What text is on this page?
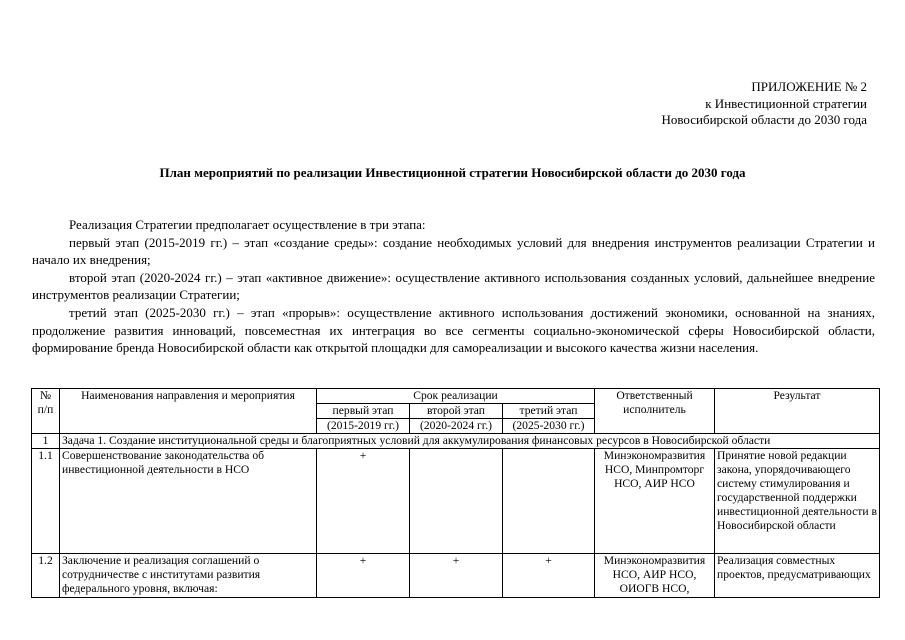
ПРИЛОЖЕНИЕ № 2
к Инвестиционной стратегии
Новосибирской области до 2030 года
План мероприятий по реализации Инвестиционной стратегии Новосибирской области до 2030 года

Реализация Стратегии предполагает осуществление в три этапа:

первый этап (2015-2019 гг.) – этап «создание среды»: создание необходимых условий для внедрения инструментов реализации Стратегии и начало их внедрения;

второй этап (2020-2024 гг.) – этап «активное движение»: осуществление активного использования созданных условий, дальнейшее внедрение инструментов реализации Стратегии;

третий этап (2025-2030 гг.) – этап «прорыв»: осуществление активного использования достижений экономики, основанной на знаниях, продолжение развития инноваций, повсеместная их интеграция во все сегменты социально-экономической сферы Новосибирской области, формирование бренда Новосибирской области как открытой площадки для самореализации и высокого качества жизни населения.

№ п/п	Наименования направления и мероприятия	Срок реализации			Ответственный исполнитель	Результат
		первый этап	второй этап	третий этап		
		(2015-2019 гг.)	(2020-2024 гг.)	(2025-2030 гг.)		
1	Задача 1. Создание институциональной среды и благоприятных условий для аккумулирования финансовых ресурсов в Новосибирской области					
1.1	Совершенствование законодательства об инвестиционной деятельности в НСО	+			Минэкономразвития НСО, Минпромторг НСО, АИР НСО	Принятие новой редакции закона, упорядочивающего систему стимулирования и государственной поддержки инвестиционной деятельности в Новосибирской области
1.2	Заключение и реализация соглашений о сотрудничестве с институтами развития федерального уровня, включая:	+	+	+	Минэкономразвития НСО, АИР НСО, ОИОГВ НСО,	Реализация совместных проектов, предусматривающих
